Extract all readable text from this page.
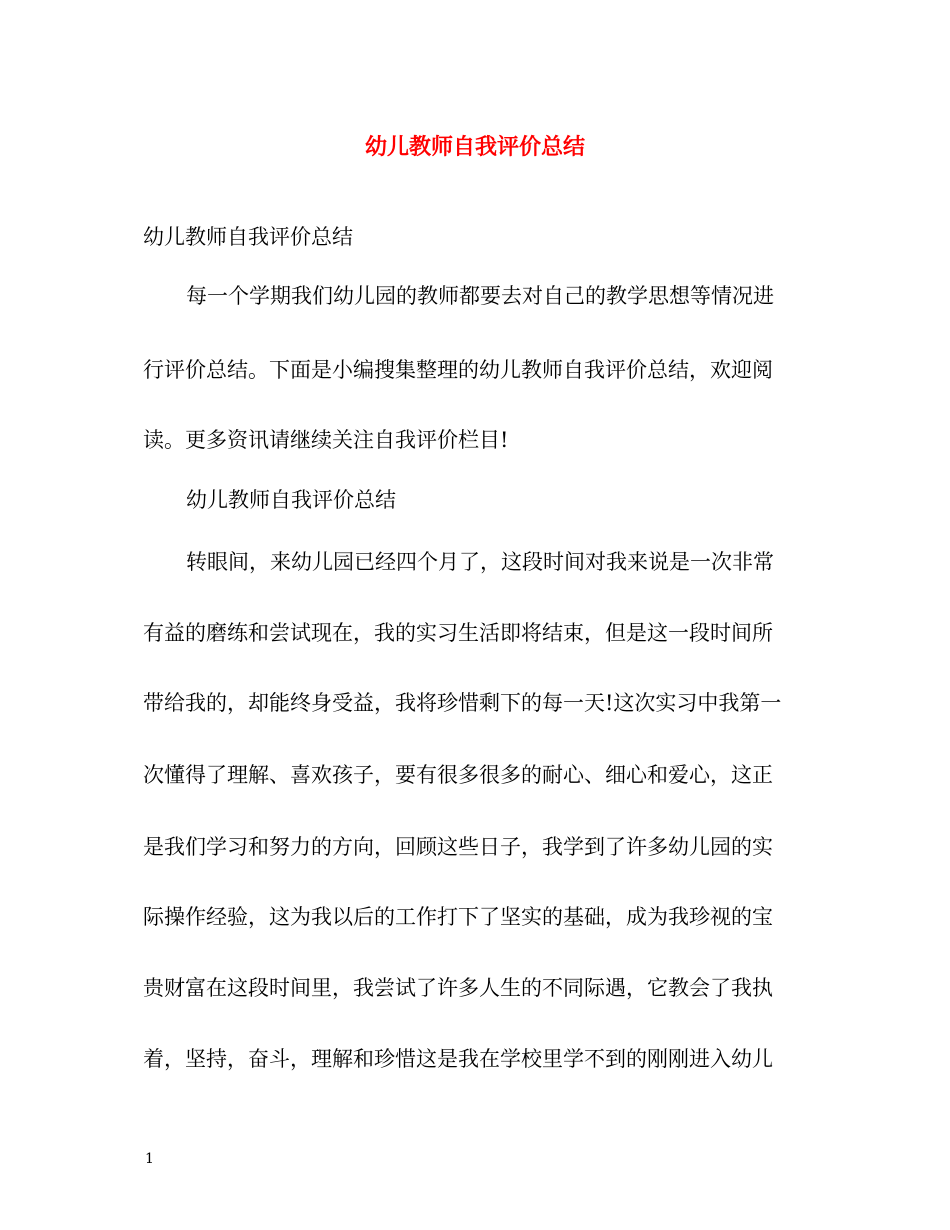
幼儿教师自我评价总结
幼儿教师自我评价总结
每一个学期我们幼儿园的教师都要去对自己的教学思想等情况进
行评价总结。下面是小编搜集整理的幼儿教师自我评价总结，欢迎阅
读。更多资讯请继续关注自我评价栏目!
幼儿教师自我评价总结
转眼间，来幼儿园已经四个月了，这段时间对我来说是一次非常
有益的磨练和尝试现在，我的实习生活即将结束，但是这一段时间所
带给我的，却能终身受益，我将珍惜剩下的每一天!这次实习中我第一
次懂得了理解、喜欢孩子，要有很多很多的耐心、细心和爱心，这正
是我们学习和努力的方向，回顾这些日子，我学到了许多幼儿园的实
际操作经验，这为我以后的工作打下了坚实的基础，成为我珍视的宝
贵财富在这段时间里，我尝试了许多人生的不同际遇，它教会了我执
着，坚持，奋斗，理解和珍惜这是我在学校里学不到的刚刚进入幼儿
1
